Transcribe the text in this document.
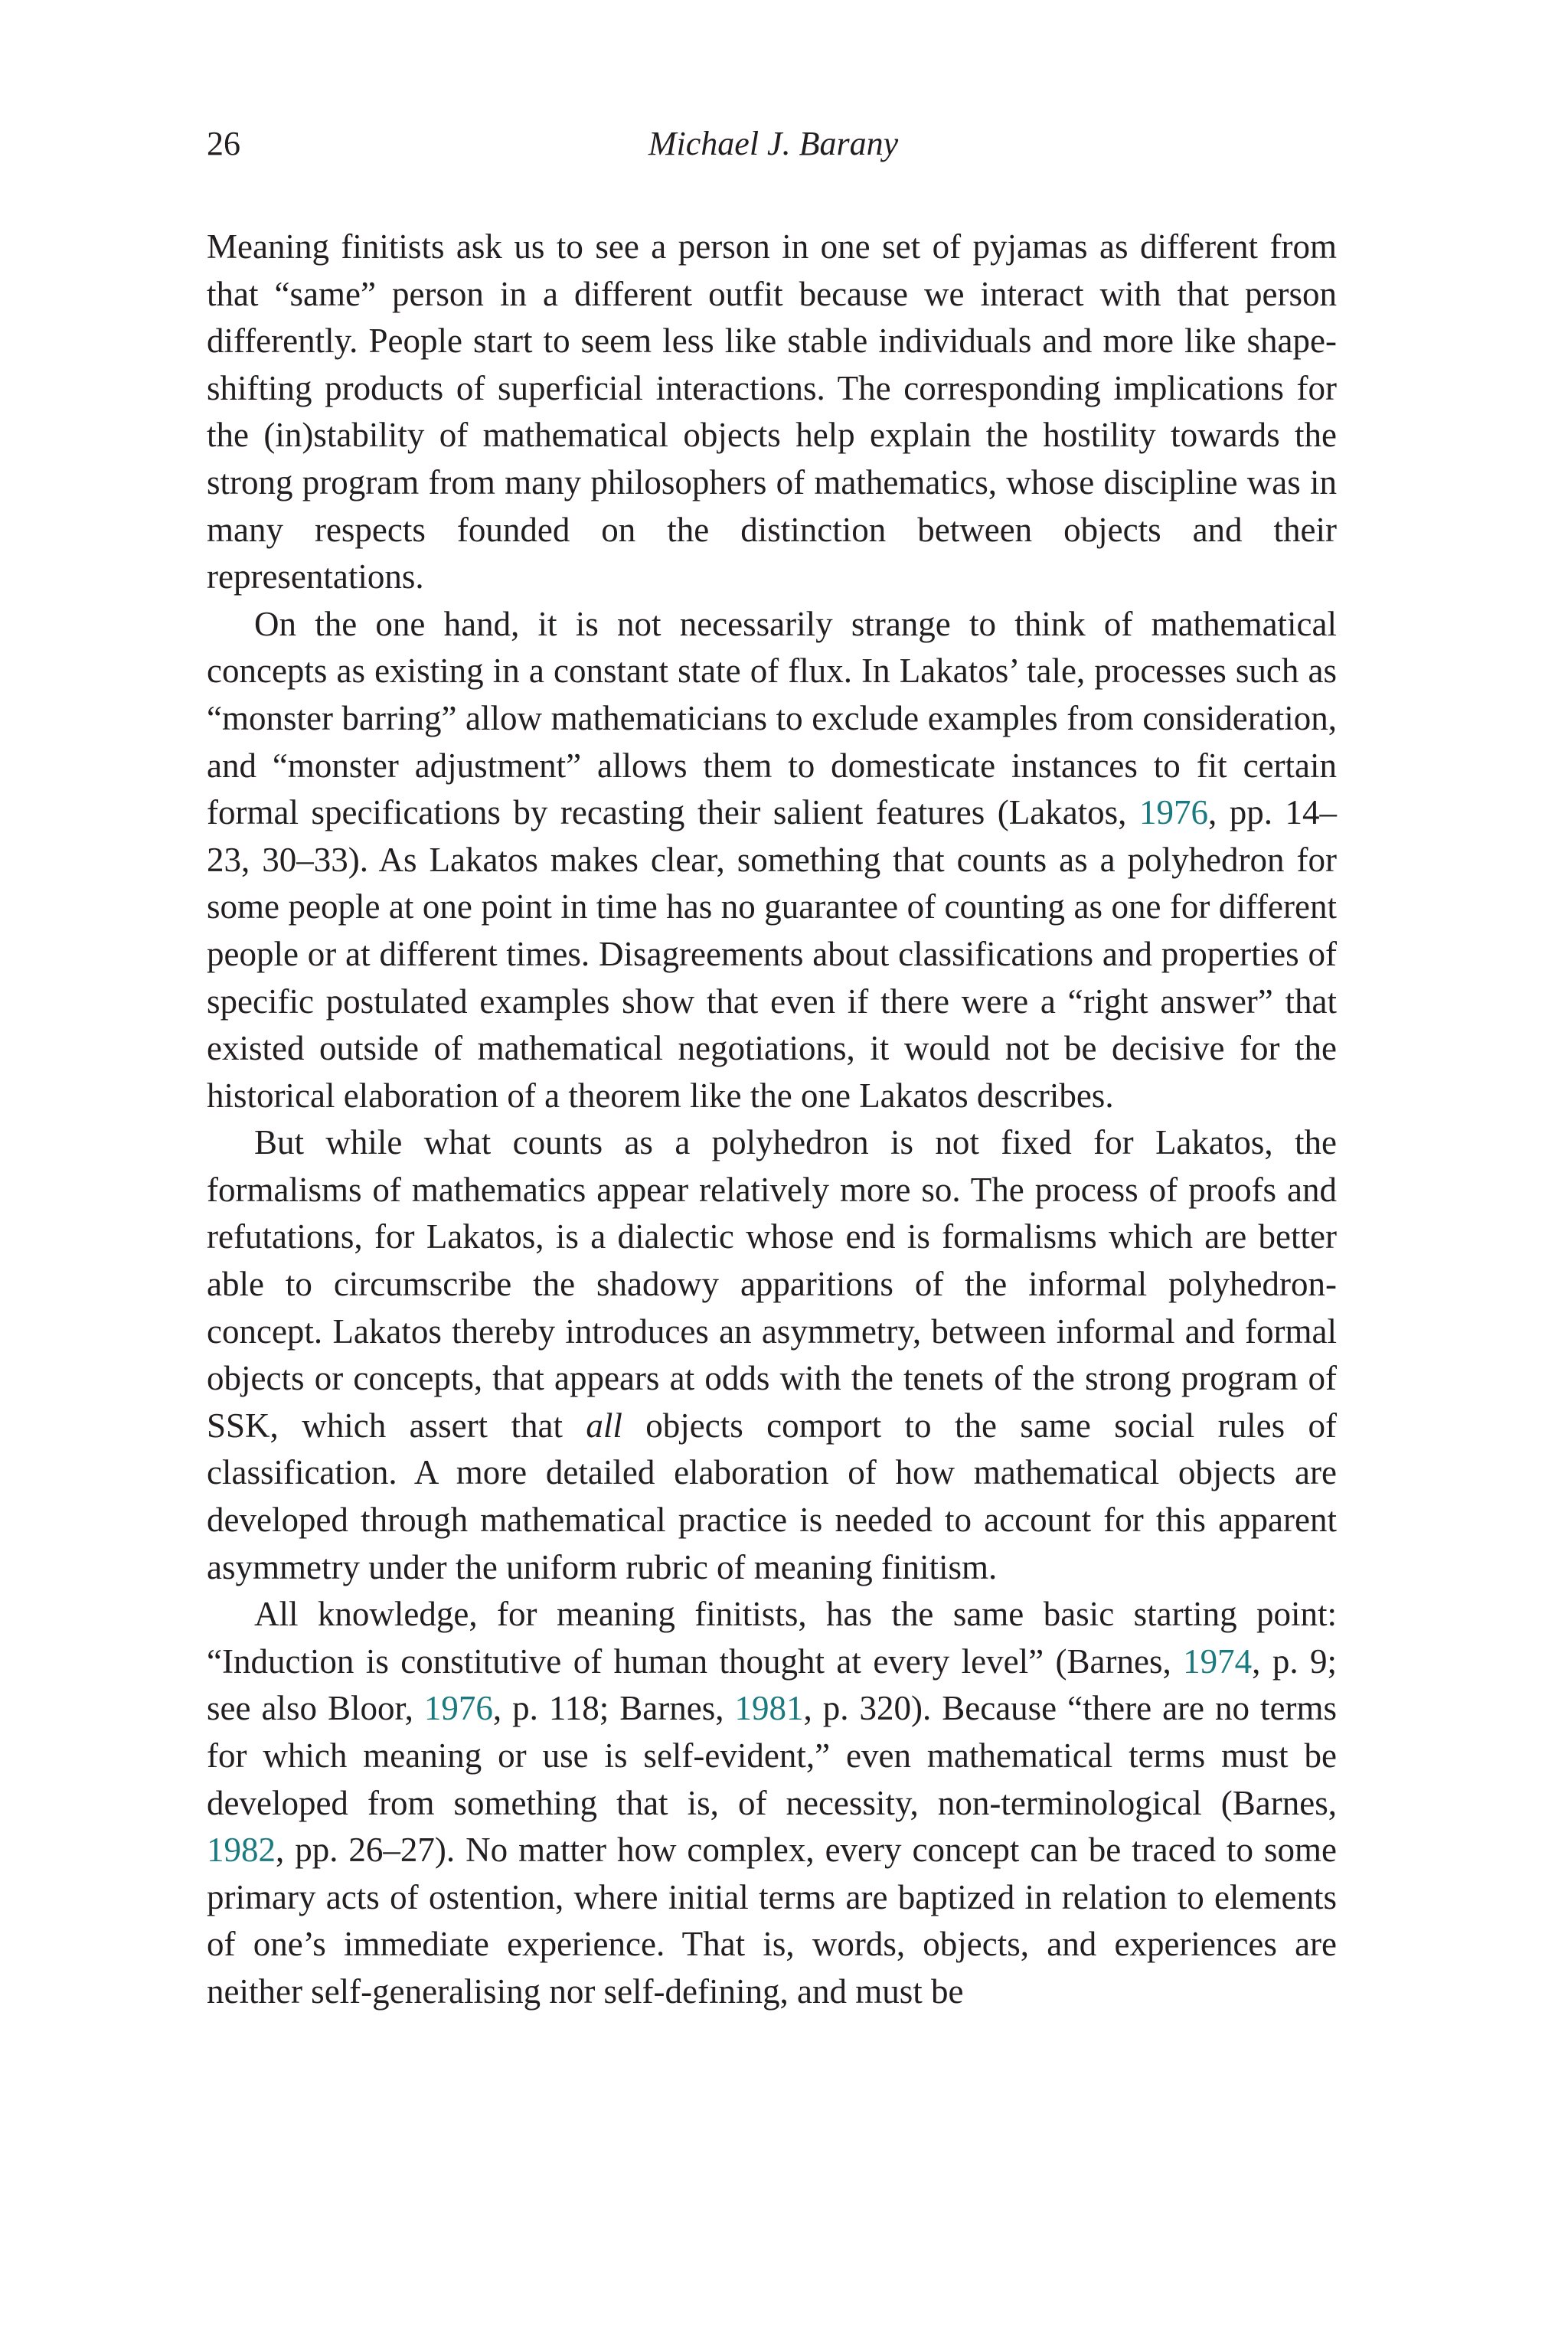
26	Michael J. Barany

Meaning finitists ask us to see a person in one set of pyjamas as different from that “same” person in a different outfit because we interact with that person differently. People start to seem less like stable individuals and more like shape-shifting products of superficial interactions. The corresponding implications for the (in)stability of mathematical objects help explain the hostility towards the strong program from many philosophers of mathematics, whose discipline was in many respects founded on the distinction between objects and their representations.

On the one hand, it is not necessarily strange to think of mathematical concepts as existing in a constant state of flux. In Lakatos’ tale, processes such as “monster barring” allow mathematicians to exclude examples from consideration, and “monster adjustment” allows them to domesticate instances to fit certain formal specifications by recasting their salient features (Lakatos, 1976, pp. 14–23, 30–33). As Lakatos makes clear, something that counts as a polyhedron for some people at one point in time has no guarantee of counting as one for different people or at different times. Disagreements about classifications and properties of specific postulated examples show that even if there were a “right answer” that existed outside of mathematical negotiations, it would not be decisive for the historical elaboration of a theorem like the one Lakatos describes.

But while what counts as a polyhedron is not fixed for Lakatos, the formalisms of mathematics appear relatively more so. The process of proofs and refutations, for Lakatos, is a dialectic whose end is formalisms which are better able to circumscribe the shadowy apparitions of the informal polyhedron-concept. Lakatos thereby introduces an asymmetry, between informal and formal objects or concepts, that appears at odds with the tenets of the strong program of SSK, which assert that all objects comport to the same social rules of classification. A more detailed elaboration of how mathematical objects are developed through mathematical practice is needed to account for this apparent asymmetry under the uniform rubric of meaning finitism.

All knowledge, for meaning finitists, has the same basic starting point: “Induction is constitutive of human thought at every level” (Barnes, 1974, p. 9; see also Bloor, 1976, p. 118; Barnes, 1981, p. 320). Because “there are no terms for which meaning or use is self-evident,” even mathematical terms must be developed from something that is, of necessity, non-terminological (Barnes, 1982, pp. 26–27). No matter how complex, every concept can be traced to some primary acts of ostention, where initial terms are baptized in relation to elements of one’s immediate experience. That is, words, objects, and experiences are neither self-generalising nor self-defining, and must be
